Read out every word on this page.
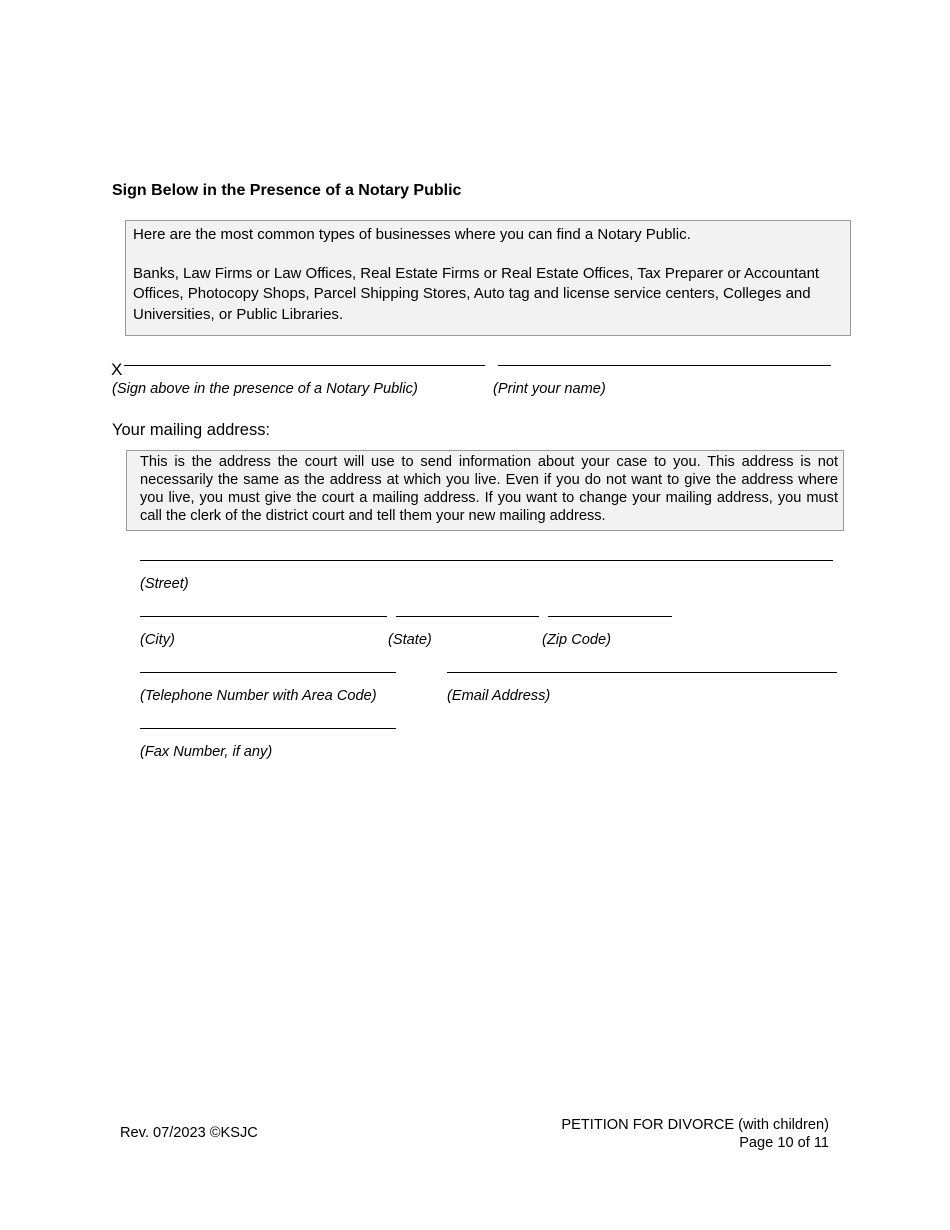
Sign Below in the Presence of a Notary Public

Here are the most common types of businesses where you can find a Notary Public.

Banks, Law Firms or Law Offices, Real Estate Firms or Real Estate Offices, Tax Preparer or Accountant Offices, Photocopy Shops, Parcel Shipping Stores, Auto tag and license service centers, Colleges and Universities, or Public Libraries.

X
(Sign above in the presence of a Notary Public)	(Print your name)
Your mailing address:
This is the address the court will use to send information about your case to you. This address is not necessarily the same as the address at which you live. Even if you do not want to give the address where you live, you must give the court a mailing address. If you want to change your mailing address, you must call the clerk of the district court and tell them your new mailing address.
(Street)
(City)	(State)	(Zip Code)
(Telephone Number with Area Code)	(Email Address)
(Fax Number, if any)
Rev. 07/2023 ©KSJC	PETITION FOR DIVORCE (with children)
Page 10 of 11
